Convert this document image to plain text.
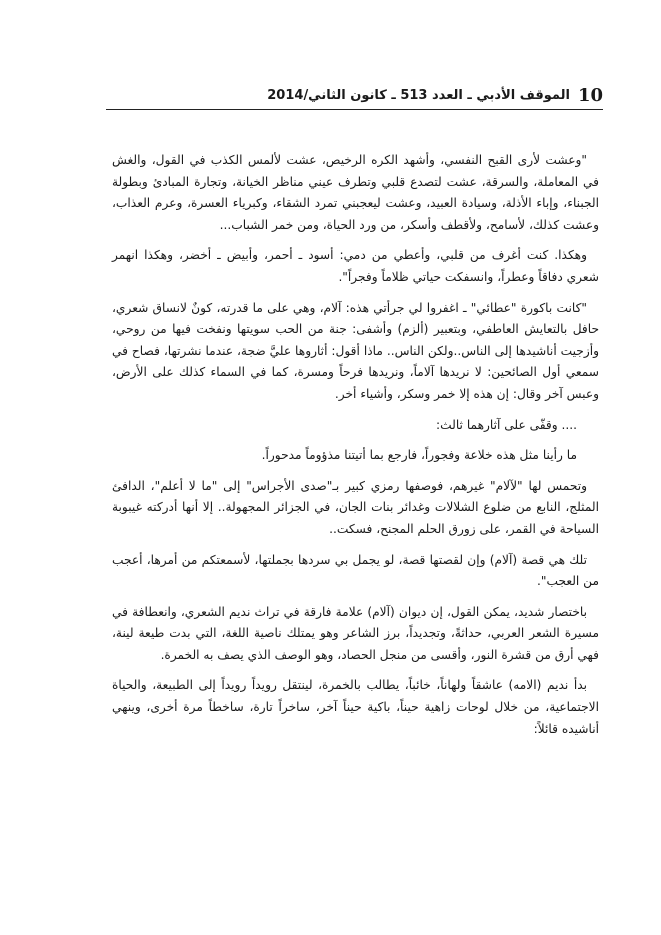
10
الموقف الأدبي ـ العدد 513 ـ كانون الثاني/2014

"وعشت لأرى القبح النفسي، وأشهد الكره الرخيص، عشت لألمس الكذب في القول، والغش في المعاملة، والسرقة، عشت لتصدع قلبي وتطرف عيني مناظر الخيانة، وتجارة المبادئ وبطولة الجبناء، وإباء الأذلة، وسيادة العبيد، وعشت ليعجبني تمرد الشقاء، وكبرياء العسرة، وعرم العذاب، وعشت كذلك، لأسامح، ولأقطف وأسكر، من ورد الحياة، ومن خمر الشباب...

وهكذا. كنت أغرف من قلبي، وأعطي من دمي: أسود ـ أحمر، وأبيض ـ أخضر، وهكذا انهمر شعري دفاقاً وعطراً، وانسفكت حياتي ظلاماً وفجراً".

"كانت باكورة "عطائي" ـ اغفروا لي جرأتي هذه: آلام، وهي على ما قدرته، كونٌ لانساق شعري، حافل بالتعايش العاطفي، وبتعبير (ألزم) وأشفى: جنة من الحب سويتها ونفخت فيها من روحي، وأزجيت أناشيدها إلى الناس..ولكن الناس.. ماذا أقول: أثاروها عليَّ ضجة، عندما نشرتها، فصاح في سمعي أول الصائحين: لا نريدها آلاماً، ونريدها فرحاً ومسرة، كما في السماء كذلك على الأرض، وعبس آخر وقال: إن هذه إلا خمر وسكر، وأشياء أخر.

.... وقفّى على آثارهما ثالث:

ما رأينا مثل هذه خلاعة وفجوراً، فارجع بما أتيتنا مذؤوماً مدحوراً.

وتحمس لها "لآلام" غيرهم، فوصفها رمزي كبير بـ"صدى الأجراس" إلى "ما لا أعلم"، الدافئ المثلج، النابع من ضلوع الشلالات وغدائر بنات الجان، في الجزائر المجهولة.. إلا أنها أدركته غيبوبة السياحة في القمر، على زورق الحلم المجنح، فسكت..

تلك هي قصة (آلام) وإن لقصتها قصة، لو يجمل بي سردها بجملتها، لأسمعتكم من أمرها، أعجب من العجب".

باختصار شديد، يمكن القول، إن ديوان (آلام) علامة فارقة في تراث نديم الشعري، وانعطافة في مسيرة الشعر العربي، حداثةً، وتجديداً، برز الشاعر وهو يمتلك ناصية اللغة، التي بدت طيعة لينة، فهي أرق من قشرة النور، وأقسى من منجل الحصاد، وهو الوصف الذي يصف به الخمرة.

بدأ نديم (الامه) عاشقاً ولهاناً، خائباً، يطالب بالخمرة، لينتقل رويداً رويداً إلى الطبيعة، والحياة الاجتماعية، من خلال لوحات زاهية حيناً، باكية حيناً آخر، ساخراً تارة، ساخطاً مرة أخرى، وينهي أناشيده قائلاً:
